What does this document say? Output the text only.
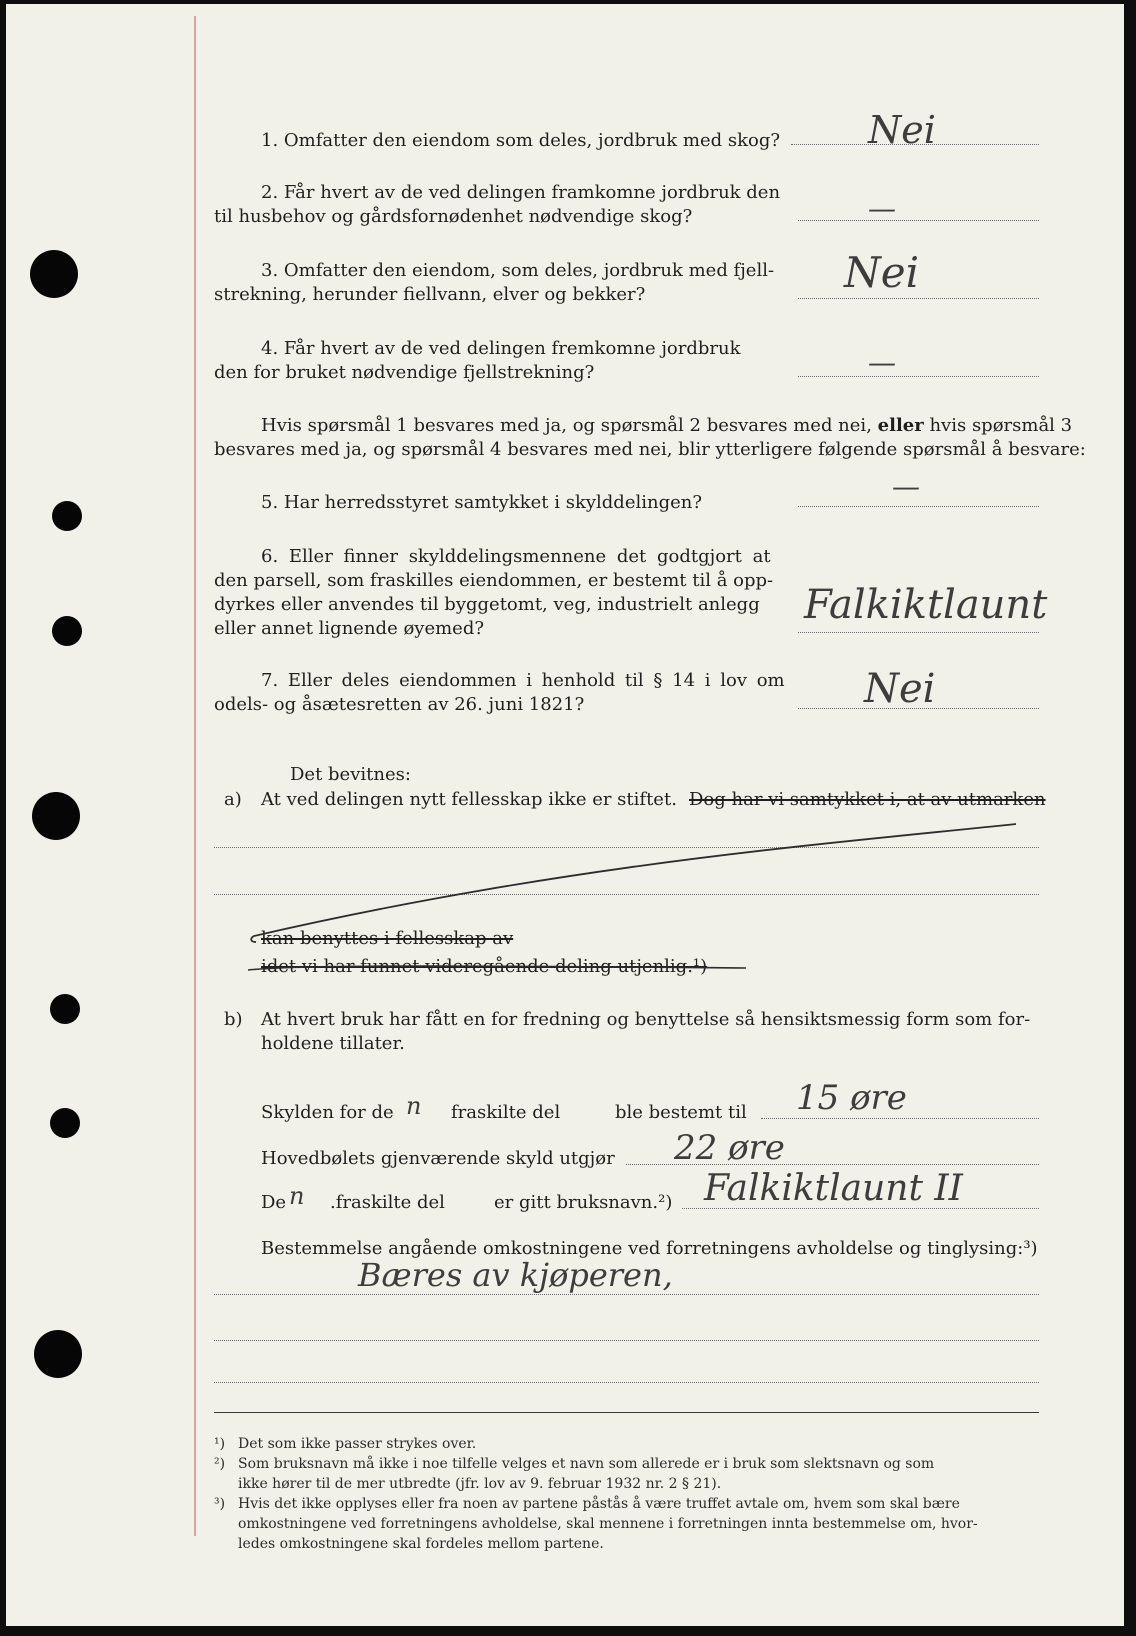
1. Omfatter den eiendom som deles, jordbruk med skog? Nei
2. Får hvert av de ved delingen framkomne jordbruk den
til husbehov og gårdsfornødenhet nødvendige skog?	—
3. Omfatter den eiendom, som deles, jordbruk med fjell-
strekning, herunder fiellvann, elver og bekker?	Nei
4. Får hvert av de ved delingen fremkomne jordbruk
den for bruket nødvendige fjellstrekning?	—
Hvis spørsmål 1 besvares med ja, og spørsmål 2 besvares med nei, eller hvis spørsmål 3
besvares med ja, og spørsmål 4 besvares med nei, blir ytterligere følgende spørsmål å besvare:
5. Har herredsstyret samtykket i skylddelingen?	—
6. Eller finner skylddelingsmennene det godtgjort at
den parsell, som fraskilles eiendommen, er bestemt til å opp-
dyrkes eller anvendes til byggetomt, veg, industrielt anlegg
eller annet lignende øyemed?
Falkiktlaunt
7. Eller deles eiendommen i henhold til § 14 i lov om
odels- og åsætesretten av 26. juni 1821?	Nei
Det bevitnes:
a) At ved delingen nytt fellesskap ikke er stiftet. Dog har vi samtykket i, at av utmarken
kan benyttes i fellesskap av
idet vi har funnet videregående deling utjenlig.¹)
b) At hvert bruk har fått en for fredning og benyttelse så hensiktsmessig form som for-
holdene tillater.
Skylden for de n fraskilte del	ble bestemt til 15 øre
Hovedbølets gjenværende skyld utgjør 22 øre
De n .fraskilte del	er gitt bruksnavn.²) Falkiktlaunt II
Bestemmelse angående omkostningene ved forretningens avholdelse og tinglysing:³)
Bæres av kjøperen,
¹) Det som ikke passer strykes over.
²) Som bruksnavn må ikke i noe tilfelle velges et navn som allerede er i bruk som slektsnavn og som
ikke hører til de mer utbredte (jfr. lov av 9. februar 1932 nr. 2 § 21).
³) Hvis det ikke opplyses eller fra noen av partene påstås å være truffet avtale om, hvem som skal bære
omkostningene ved forretningens avholdelse, skal mennene i forretningen innta bestemmelse om, hvor-
ledes omkostningene skal fordeles mellom partene.
